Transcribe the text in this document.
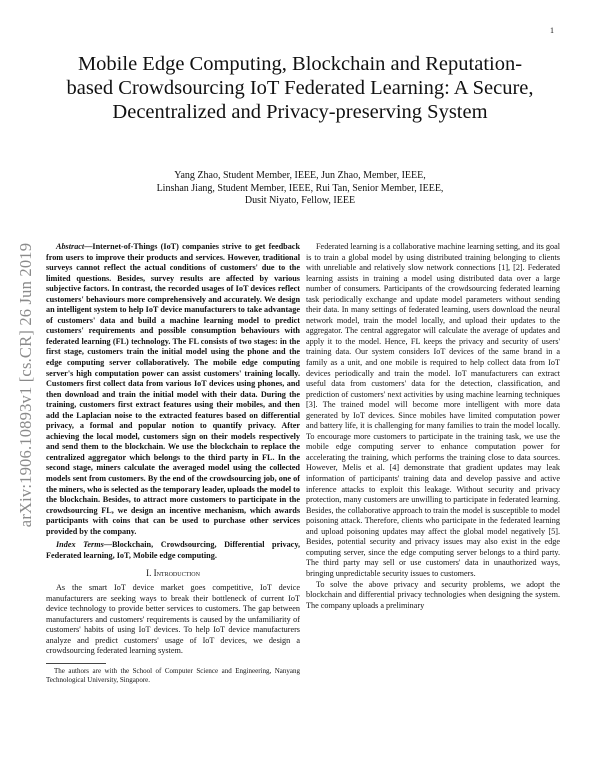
1
arXiv:1906.10893v1 [cs.CR] 26 Jun 2019
Mobile Edge Computing, Blockchain and Reputation-based Crowdsourcing IoT Federated Learning: A Secure, Decentralized and Privacy-preserving System
Yang Zhao, Student Member, IEEE, Jun Zhao, Member, IEEE,
Linshan Jiang, Student Member, IEEE, Rui Tan, Senior Member, IEEE,
Dusit Niyato, Fellow, IEEE

Abstract—Internet-of-Things (IoT) companies strive to get feedback from users to improve their products and services. However, traditional surveys cannot reflect the actual conditions of customers' due to the limited questions. Besides, survey results are affected by various subjective factors. In contrast, the recorded usages of IoT devices reflect customers' behaviours more comprehensively and accurately. We design an intelligent system to help IoT device manufacturers to take advantage of customers' data and build a machine learning model to predict customers' requirements and possible consumption behaviours with federated learning (FL) technology. The FL consists of two stages: in the first stage, customers train the initial model using the phone and the edge computing server collaboratively. The mobile edge computing server's high computation power can assist customers' training locally. Customers first collect data from various IoT devices using phones, and then download and train the initial model with their data. During the training, customers first extract features using their mobiles, and then add the Laplacian noise to the extracted features based on differential privacy, a formal and popular notion to quantify privacy. After achieving the local model, customers sign on their models respectively and send them to the blockchain. We use the blockchain to replace the centralized aggregator which belongs to the third party in FL. In the second stage, miners calculate the averaged model using the collected models sent from customers. By the end of the crowdsourcing job, one of the miners, who is selected as the temporary leader, uploads the model to the blockchain. Besides, to attract more customers to participate in the crowdsourcing FL, we design an incentive mechanism, which awards participants with coins that can be used to purchase other services provided by the company.

Index Terms—Blockchain, Crowdsourcing, Differential privacy, Federated learning, IoT, Mobile edge computing.

I. Introduction

As the smart IoT device market goes competitive, IoT device manufacturers are seeking ways to break their bottleneck of current IoT device technology to provide better services to customers. The gap between manufacturers and customers' requirements is caused by the unfamiliarity of customers' habits of using IoT devices. To help IoT device manufacturers analyze and predict customers' usage of IoT devices, we design a crowdsourcing federated learning system.

The authors are with the School of Computer Science and Engineering, Nanyang Technological University, Singapore.

Federated learning is a collaborative machine learning setting, and its goal is to train a global model by using distributed training belonging to clients with unreliable and relatively slow network connections [1], [2]. Federated learning assists in training a model using distributed data over a large number of consumers. Participants of the crowdsourcing federated learning task periodically exchange and update model parameters without sending their data. In many settings of federated learning, users download the neural network model, train the model locally, and upload their updates to the aggregator. The central aggregator will calculate the average of updates and apply it to the model. Hence, FL keeps the privacy and security of users' training data. Our system considers IoT devices of the same brand in a family as a unit, and one mobile is required to help collect data from IoT devices periodically and train the model. IoT manufacturers can extract useful data from customers' data for the detection, classification, and prediction of customers' next activities by using machine learning techniques [3]. The trained model will become more intelligent with more data generated by IoT devices. Since mobiles have limited computation power and battery life, it is challenging for many families to train the model locally. To encourage more customers to participate in the training task, we use the mobile edge computing server to enhance computation power for accelerating the training, which performs the training close to data sources. However, Melis et al. [4] demonstrate that gradient updates may leak information of participants' training data and develop passive and active inference attacks to exploit this leakage. Without security and privacy protection, many customers are unwilling to participate in federated learning. Besides, the collaborative approach to train the model is susceptible to model poisoning attack. Therefore, clients who participate in the federated learning and upload poisoning updates may affect the global model negatively [5]. Besides, potential security and privacy issues may also exist in the edge computing server, since the edge computing server belongs to a third party. The third party may sell or use customers' data in unauthorized ways, bringing unpredictable security issues to customers.

To solve the above privacy and security problems, we adopt the blockchain and differential privacy technologies when designing the system. The company uploads a preliminary
